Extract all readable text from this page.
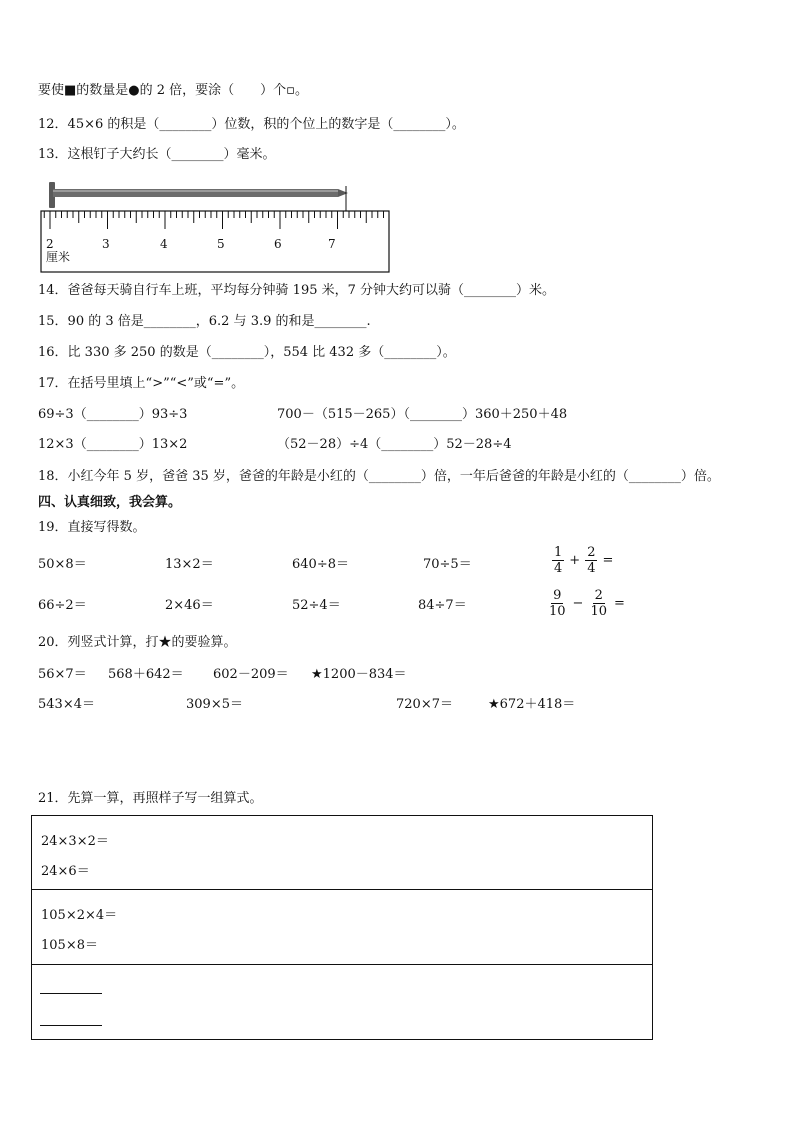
要使■的数量是●的 2 倍，要涂（　　）个▫。
12．45×6 的积是（________）位数，积的个位上的数字是（________）。
13．这根钉子大约长（________）毫米。
2	3	4	5	6	7
厘米
14．爸爸每天骑自行车上班，平均每分钟骑 195 米，7 分钟大约可以骑（________）米。
15．90 的 3 倍是________，6.2 与 3.9 的和是________.
16．比 330 多 250 的数是（________），554 比 432 多（________）。
17．在括号里填上“>”“<”或“=”。
69÷3（________）93÷3	700－（515－265）（________）360＋250＋48
12×3（________）13×2	（52－28）÷4（________）52－28÷4
18．小红今年 5 岁，爸爸 35 岁，爸爸的年龄是小红的（________）倍，一年后爸爸的年龄是小红的（________）倍。
四、认真细致，我会算。
19．直接写得数。
50×8＝	13×2＝	640÷8＝	70÷5＝	$\frac{1}{4} + \frac{2}{4}$ =
66÷2＝	2×46＝	52÷4＝	84÷7＝	$\frac{9}{10} - \frac{2}{10}$ =
20．列竖式计算，打★的要验算。
56×7＝ 568＋642＝ 602－209＝ ★1200－834＝
543×4＝	309×5＝	720×7＝	★672＋418＝
21．先算一算，再照样子写一组算式。
24×3×2＝
24×6＝
105×2×4＝
105×8＝
